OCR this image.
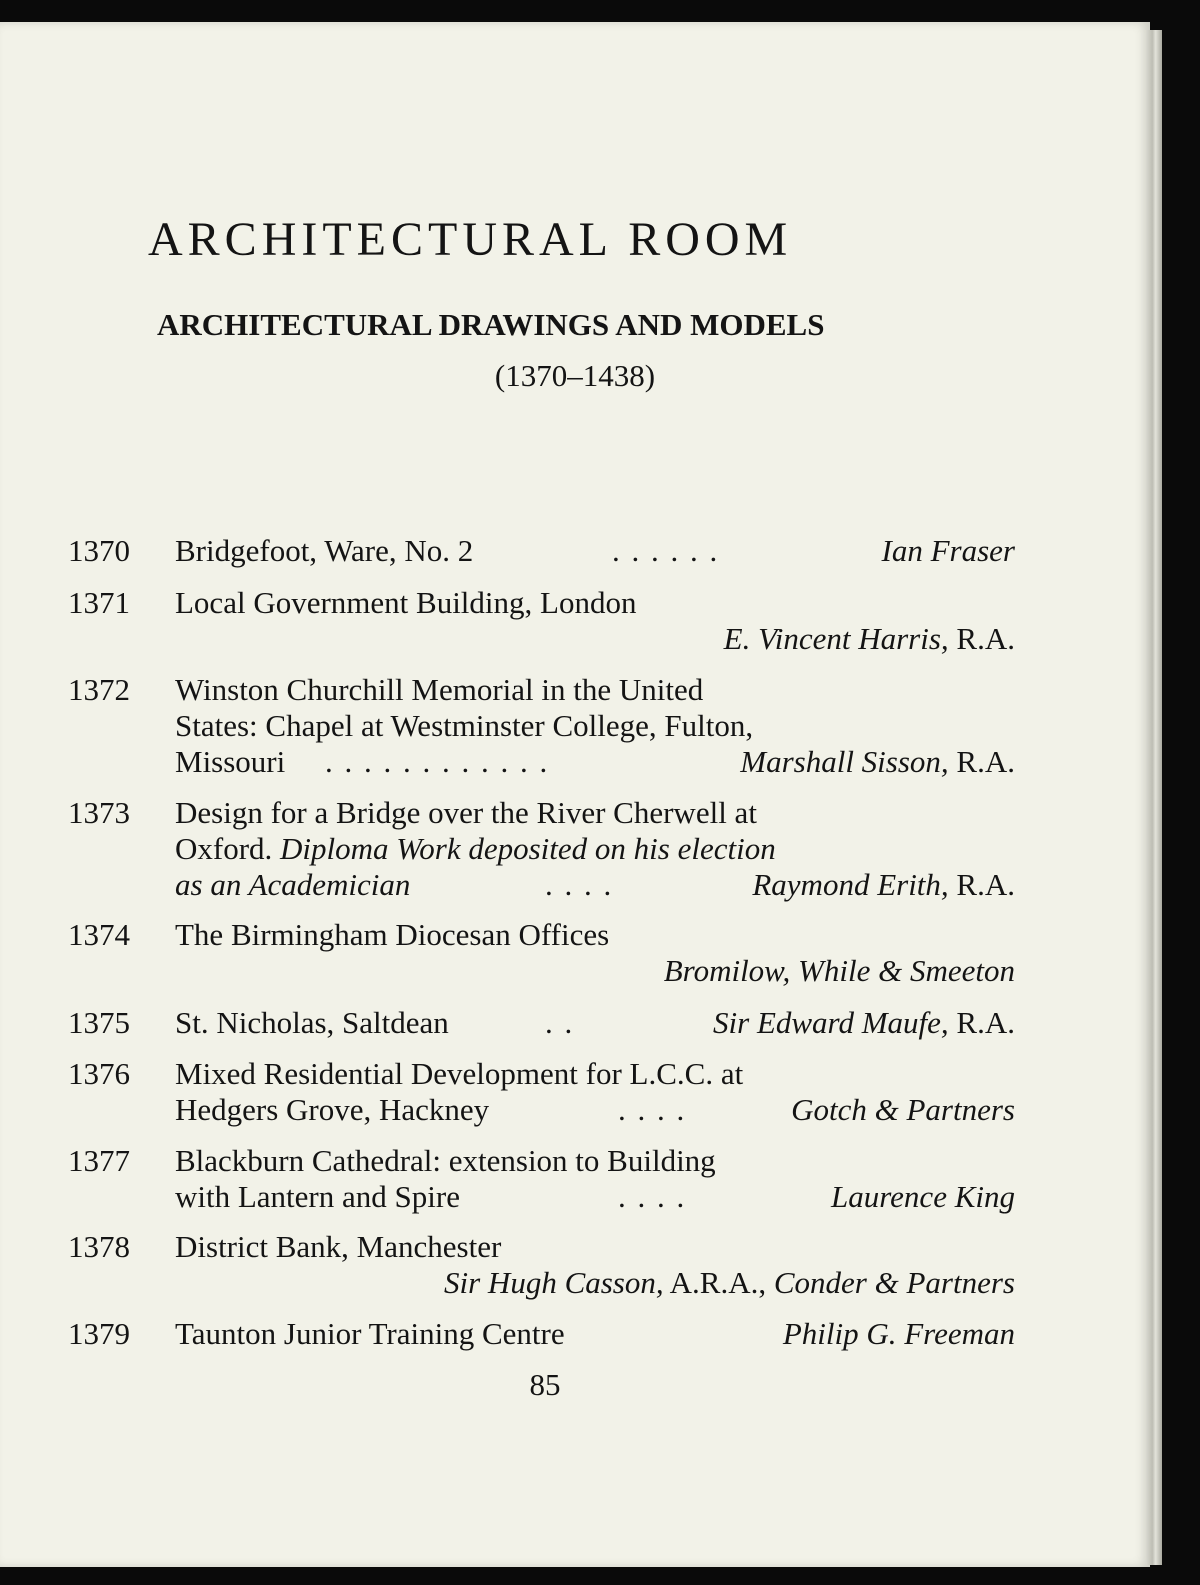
ARCHITECTURAL ROOM
ARCHITECTURAL DRAWINGS AND MODELS
(1370–1438)
1370 Bridgefoot, Ware, No. 2	. . . . . .	Ian Fraser
1371 Local Government Building, London
E. Vincent Harris, R.A.
1372 Winston Churchill Memorial in the United
States: Chapel at Westminster College, Fulton,
Missouri . . . . . . . . . . . .	Marshall Sisson, R.A.
1373 Design for a Bridge over the River Cherwell at
Oxford. Diploma Work deposited on his election
as an Academician	. . . .	Raymond Erith, R.A.
1374 The Birmingham Diocesan Offices
Bromilow, While & Smeeton
1375 St. Nicholas, Saltdean	. .	Sir Edward Maufe, R.A.
1376 Mixed Residential Development for L.C.C. at
Hedgers Grove, Hackney	. . . .	Gotch & Partners
1377 Blackburn Cathedral: extension to Building
with Lantern and Spire	. . . .	Laurence King
1378 District Bank, Manchester
Sir Hugh Casson, A.R.A., Conder & Partners
1379 Taunton Junior Training Centre	Philip G. Freeman
85
